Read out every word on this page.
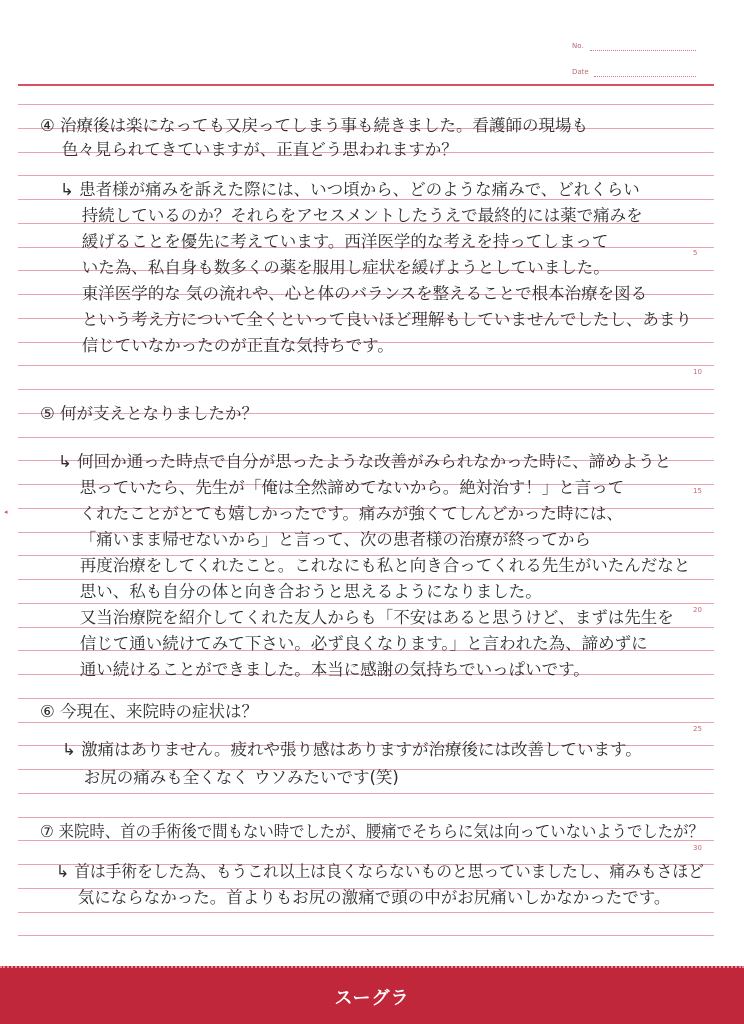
No.
Date
5
10
15
20
25
30
◂
④ 治療後は楽になっても又戻ってしまう事も続きました。看護師の現場も
　 色々見られてきていますが、正直どう思われますか？
↳ 患者様が痛みを訴えた際には、いつ頃から、どのような痛みで、どれくらい
　 持続しているのか？それらをアセスメントしたうえで最終的には薬で痛みを
　 緩げることを優先に考えています。西洋医学的な考えを持ってしまって
　 いた為、私自身も数多くの薬を服用し症状を緩げようとしていました。
　 東洋医学的な 気の流れや、心と体のバランスを整えることで根本治療を図る
　 という考え方について全くといって良いほど理解もしていませんでしたし、あまり
　 信じていなかったのが正直な気持ちです。
⑤ 何が支えとなりましたか？
↳ 何回か通った時点で自分が思ったような改善がみられなかった時に、諦めようと
　 思っていたら、先生が「俺は全然諦めてないから。絶対治す！」と言って
　 くれたことがとても嬉しかったです。痛みが強くてしんどかった時には、
　 「痛いまま帰せないから」と言って、次の患者様の治療が終ってから
　 再度治療をしてくれたこと。これなにも私と向き合ってくれる先生がいたんだなと
　 思い、私も自分の体と向き合おうと思えるようになりました。
　 又当治療院を紹介してくれた友人からも「不安はあると思うけど、まずは先生を
　 信じて通い続けてみて下さい。必ず良くなります。」と言われた為、諦めずに
　 通い続けることができました。本当に感謝の気持ちでいっぱいです。
⑥ 今現在、来院時の症状は？
↳ 激痛はありません。疲れや張り感はありますが治療後には改善しています。
　 お尻の痛みも全くなく ウソみたいです(笑)
⑦ 来院時、首の手術後で間もない時でしたが、腰痛でそちらに気は向っていないようでしたが？
↳ 首は手術をした為、もうこれ以上は良くならないものと思っていましたし、痛みもさほど
　 気にならなかった。首よりもお尻の激痛で頭の中がお尻痛いしかなかったです。
スーグラ
